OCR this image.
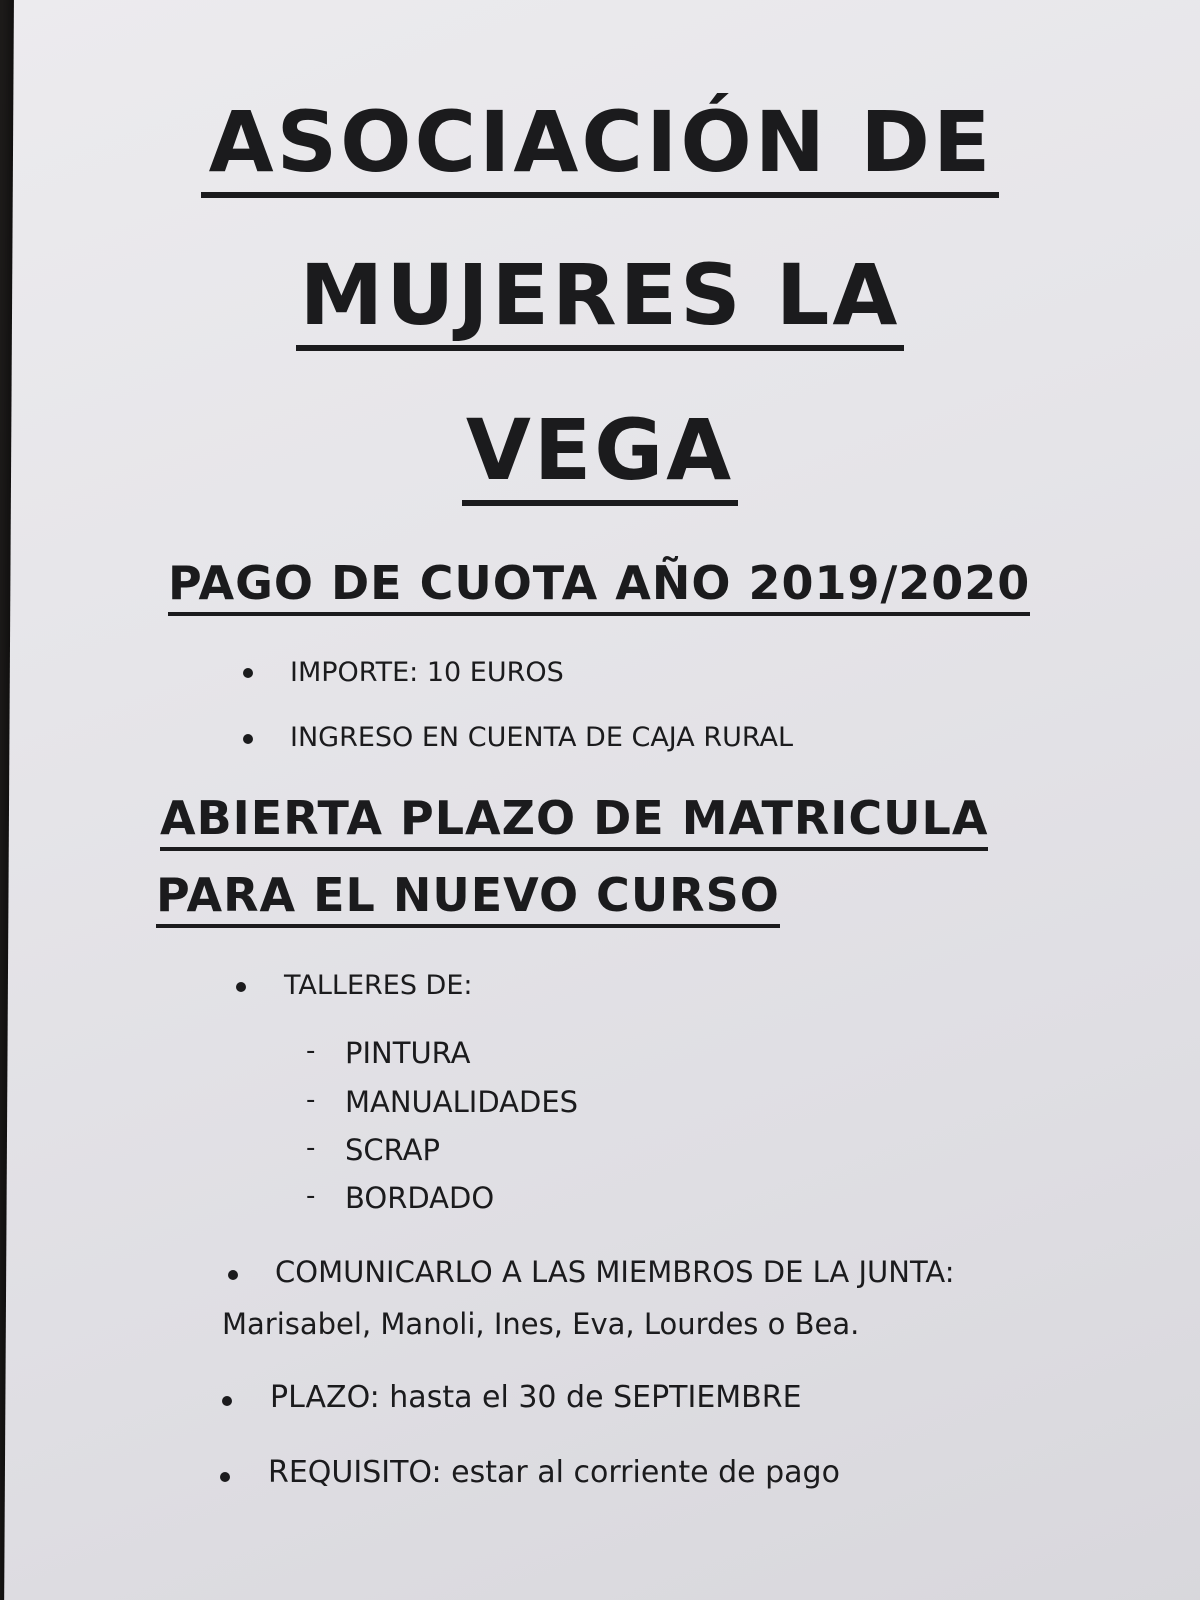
ASOCIACIÓN DE
MUJERES LA
VEGA
PAGO DE CUOTA AÑO 2019/2020
IMPORTE: 10 EUROS
INGRESO EN CUENTA DE CAJA RURAL
ABIERTA PLAZO DE MATRICULA
PARA EL NUEVO CURSO
TALLERES DE:
- PINTURA
- MANUALIDADES
- SCRAP
- BORDADO
COMUNICARLO A LAS MIEMBROS DE LA JUNTA:
Marisabel, Manoli, Ines, Eva, Lourdes o Bea.
PLAZO: hasta el 30 de SEPTIEMBRE
REQUISITO: estar al corriente de pago
